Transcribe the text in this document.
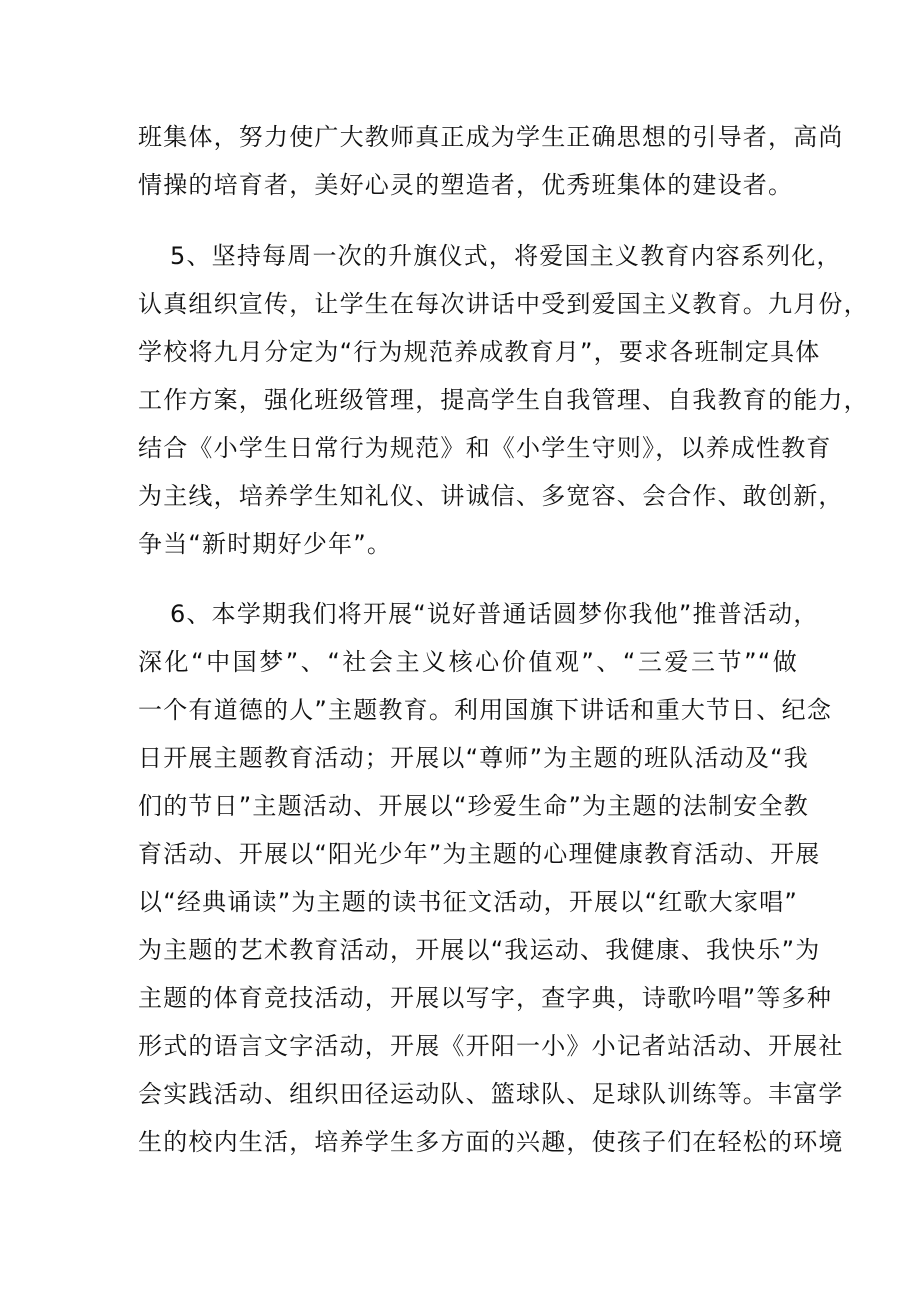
班集体，努力使广大教师真正成为学生正确思想的引导者，高尚
情操的培育者，美好心灵的塑造者，优秀班集体的建设者。
5、坚持每周一次的升旗仪式，将爱国主义教育内容系列化，
认真组织宣传，让学生在每次讲话中受到爱国主义教育。九月份，
学校将九月分定为“行为规范养成教育月”，要求各班制定具体
工作方案，强化班级管理，提高学生自我管理、自我教育的能力，
结合《小学生日常行为规范》和《小学生守则》，以养成性教育
为主线，培养学生知礼仪、讲诚信、多宽容、会合作、敢创新，
争当“新时期好少年”。
6、本学期我们将开展“说好普通话圆梦你我他”推普活动，
深化“中国梦”、“社会主义核心价值观”、“三爱三节”“做
一个有道德的人”主题教育。利用国旗下讲话和重大节日、纪念
日开展主题教育活动；开展以“尊师”为主题的班队活动及“我
们的节日”主题活动、开展以“珍爱生命”为主题的法制安全教
育活动、开展以“阳光少年”为主题的心理健康教育活动、开展
以“经典诵读”为主题的读书征文活动，开展以“红歌大家唱”
为主题的艺术教育活动，开展以“我运动、我健康、我快乐”为
主题的体育竞技活动，开展以写字，查字典，诗歌吟唱”等多种
形式的语言文字活动，开展《开阳一小》小记者站活动、开展社
会实践活动、组织田径运动队、篮球队、足球队训练等。丰富学
生的校内生活，培养学生多方面的兴趣，使孩子们在轻松的环境
